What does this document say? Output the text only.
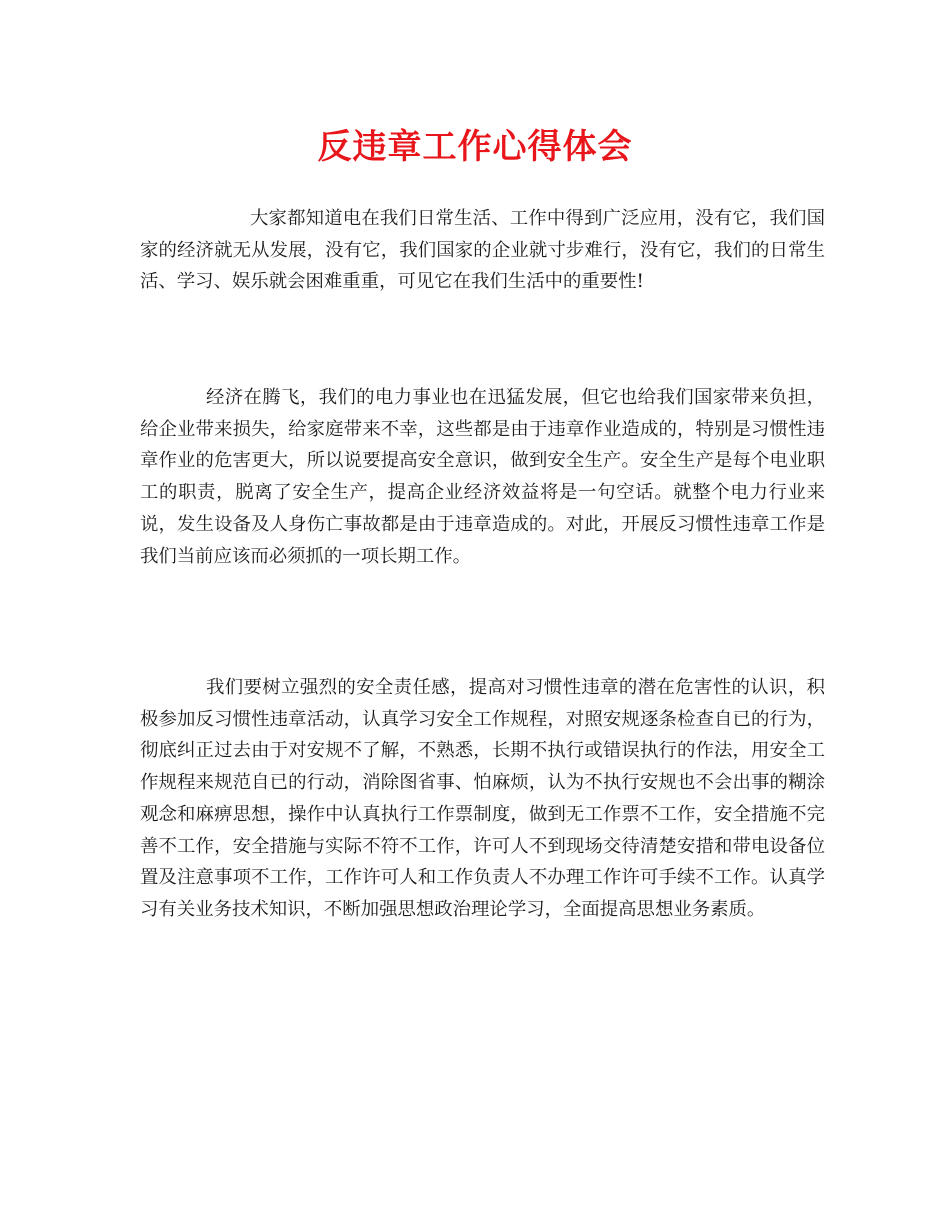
反违章工作心得体会

大家都知道电在我们日常生活、工作中得到广泛应用，没有它，我们国家的经济就无从发展，没有它，我们国家的企业就寸步难行，没有它，我们的日常生活、学习、娱乐就会困难重重，可见它在我们生活中的重要性!

经济在腾飞，我们的电力事业也在迅猛发展，但它也给我们国家带来负担，给企业带来损失，给家庭带来不幸，这些都是由于违章作业造成的，特别是习惯性违章作业的危害更大，所以说要提高安全意识，做到安全生产。安全生产是每个电业职工的职责，脱离了安全生产，提高企业经济效益将是一句空话。就整个电力行业来说，发生设备及人身伤亡事故都是由于违章造成的。对此，开展反习惯性违章工作是我们当前应该而必须抓的一项长期工作。

我们要树立强烈的安全责任感，提高对习惯性违章的潜在危害性的认识，积极参加反习惯性违章活动，认真学习安全工作规程，对照安规逐条检查自已的行为，彻底纠正过去由于对安规不了解，不熟悉，长期不执行或错误执行的作法，用安全工作规程来规范自已的行动，消除图省事、怕麻烦，认为不执行安规也不会出事的糊涂观念和麻痹思想，操作中认真执行工作票制度，做到无工作票不工作，安全措施不完善不工作，安全措施与实际不符不工作，许可人不到现场交待清楚安措和带电设备位置及注意事项不工作，工作许可人和工作负责人不办理工作许可手续不工作。认真学习有关业务技术知识，不断加强思想政治理论学习，全面提高思想业务素质。
